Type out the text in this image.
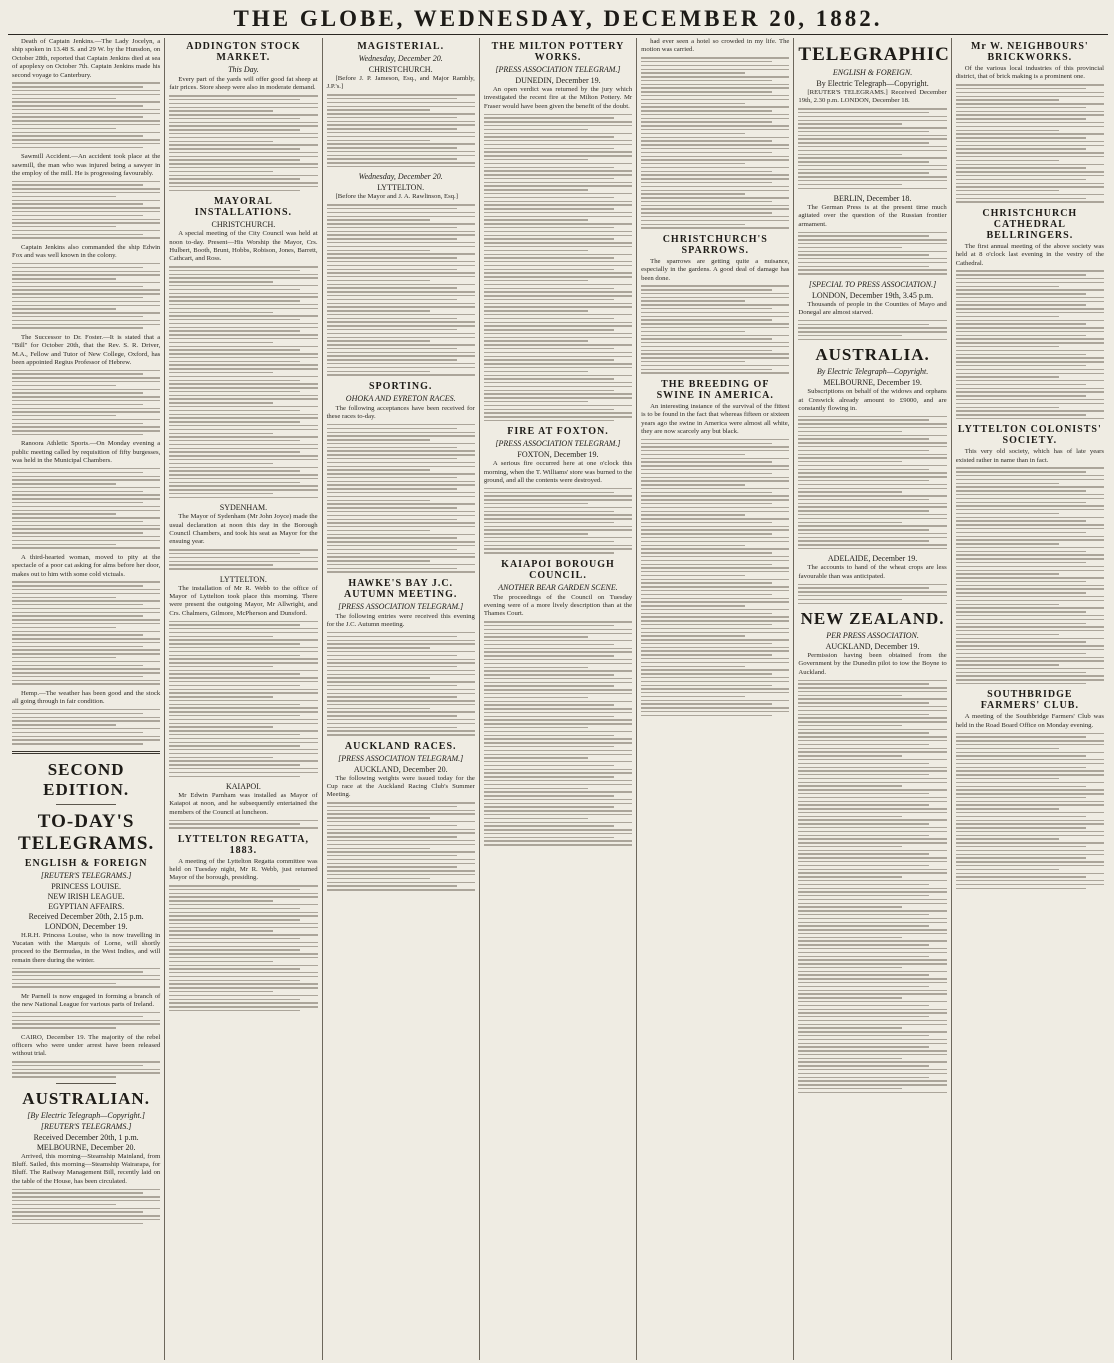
THE GLOBE, WEDNESDAY, DECEMBER 20, 1882.

Death of Captain Jenkins.—The Lady Jocelyn, a ship spoken in 13.48 S. and 29 W. by the Hunsdon, on October 28th, reported that Captain Jenkins died at sea of apoplexy on October 7th. Captain Jenkins made his second voyage to Canterbury.

Sawmill Accident.—An accident took place at the sawmill, the man who was injured being a sawyer in the employ of the mill. He is progressing favourably.

Captain Jenkins also commanded the ship Edwin Fox and was well known in the colony.

The Successor to Dr. Foster.—It is stated that a "Bill" for October 20th, that the Rev. S. R. Driver, M.A., Fellow and Tutor of New College, Oxford, has been appointed Regius Professor of Hebrew.

Ranoora Athletic Sports.—On Monday evening a public meeting called by requisition of fifty burgesses, was held in the Municipal Chambers.

A third-hearted woman, moved to pity at the spectacle of a poor cat asking for alms before her door, makes out to him with some cold victuals.

Hemp.—The weather has been good and the stock all going through in fair condition.

SECOND EDITION.
TO-DAY'S TELEGRAMS.
ENGLISH & FOREIGN
[REUTER'S TELEGRAMS.]
PRINCESS LOUISE.
NEW IRISH LEAGUE.
EGYPTIAN AFFAIRS.
Received December 20th, 2.15 p.m.
LONDON, December 19.

H.R.H. Princess Louise, who is now travelling in Yucatan with the Marquis of Lorne, will shortly proceed to the Bermudas, in the West Indies, and will remain there during the winter.

Mr Parnell is now engaged in forming a branch of the new National League for various parts of Ireland.

CAIRO, December 19. The majority of the rebel officers who were under arrest have been released without trial.

AUSTRALIAN.
[By Electric Telegraph—Copyright.]
[REUTER'S TELEGRAMS.]
Received December 20th, 1 p.m.
MELBOURNE, December 20.

Arrived, this morning—Steamship Mainland, from Bluff. Sailed, this morning—Steamship Wairarapa, for Bluff. The Railway Management Bill, recently laid on the table of the House, has been circulated.

ADDINGTON STOCK MARKET.
This Day.

Every part of the yards will offer good fat sheep at fair prices. Store sheep were also in moderate demand.

MAYORAL INSTALLATIONS.
CHRISTCHURCH.

A special meeting of the City Council was held at noon to-day. Present—His Worship the Mayor, Crs. Hulbert, Booth, Brunt, Hobbs, Robison, Jones, Barrett, Cathcart, and Ross.

SYDENHAM.

The Mayor of Sydenham (Mr John Joyce) made the usual declaration at noon this day in the Borough Council Chambers, and took his seat as Mayor for the ensuing year.

LYTTELTON.

The installation of Mr R. Webb to the office of Mayor of Lyttelton took place this morning. There were present the outgoing Mayor, Mr Allwright, and Crs. Chalmers, Gilmore, McPherson and Dunsford.

KAIAPOI.

Mr Edwin Parnham was installed as Mayor of Kaiapoi at noon, and he subsequently entertained the members of the Council at luncheon.

LYTTELTON REGATTA, 1883.

A meeting of the Lyttelton Regatta committee was held on Tuesday night, Mr R. Webb, just returned Mayor of the borough, presiding.

MAGISTERIAL.
Wednesday, December 20.
CHRISTCHURCH.

[Before J. P. Jameson, Esq., and Major Rambly, J.P.'s.]

Wednesday, December 20.
LYTTELTON.

[Before the Mayor and J. A. Rawlinson, Esq.]

SPORTING.
OHOKA AND EYRETON RACES.

The following acceptances have been received for these races to-day.

HAWKE'S BAY J.C. AUTUMN MEETING.
[PRESS ASSOCIATION TELEGRAM.]

The following entries were received this evening for the J.C. Autumn meeting.

AUCKLAND RACES.
[PRESS ASSOCIATION TELEGRAM.]
AUCKLAND, December 20.

The following weights were issued today for the Cup race at the Auckland Racing Club's Summer Meeting.

THE MILTON POTTERY WORKS.
[PRESS ASSOCIATION TELEGRAM.]
DUNEDIN, December 19.

An open verdict was returned by the jury which investigated the recent fire at the Milton Pottery. Mr Fraser would have been given the benefit of the doubt.

FIRE AT FOXTON.
[PRESS ASSOCIATION TELEGRAM.]
FOXTON, December 19.

A serious fire occurred here at one o'clock this morning, when the T. Williams' store was burned to the ground, and all the contents were destroyed.

KAIAPOI BOROUGH COUNCIL.
ANOTHER BEAR GARDEN SCENE.

The proceedings of the Council on Tuesday evening were of a more lively description than at the Thames Court.

had ever seen a hotel so crowded in my life. The motion was carried.

CHRISTCHURCH'S SPARROWS.

The sparrows are getting quite a nuisance, especially in the gardens. A good deal of damage has been done.

THE BREEDING OF SWINE IN AMERICA.

An interesting instance of the survival of the fittest is to be found in the fact that whereas fifteen or sixteen years ago the swine in America were almost all white, they are now scarcely any but black.

TELEGRAPHIC
ENGLISH & FOREIGN.
By Electric Telegraph—Copyright.

[REUTER'S TELEGRAMS.] Received December 19th, 2.30 p.m. LONDON, December 18.

BERLIN, December 18.

The German Press is at the present time much agitated over the question of the Russian frontier armament.

[SPECIAL TO PRESS ASSOCIATION.]
LONDON, December 19th, 3.45 p.m.

Thousands of people in the Counties of Mayo and Donegal are almost starved.

AUSTRALIA.
By Electric Telegraph—Copyright.
MELBOURNE, December 19.

Subscriptions on behalf of the widows and orphans at Creswick already amount to £9000, and are constantly flowing in.

ADELAIDE, December 19.

The accounts to hand of the wheat crops are less favourable than was anticipated.

NEW ZEALAND.
PER PRESS ASSOCIATION.
AUCKLAND, December 19.

Permission having been obtained from the Government by the Dunedin pilot to tow the Boyne to Auckland.

Mr W. NEIGHBOURS' BRICKWORKS.

Of the various local industries of this provincial district, that of brick making is a prominent one.

CHRISTCHURCH CATHEDRAL BELLRINGERS.

The first annual meeting of the above society was held at 8 o'clock last evening in the vestry of the Cathedral.

LYTTELTON COLONISTS' SOCIETY.

This very old society, which has of late years existed rather in name than in fact.

SOUTHBRIDGE FARMERS' CLUB.

A meeting of the Southbridge Farmers' Club was held in the Road Board Office on Monday evening.
